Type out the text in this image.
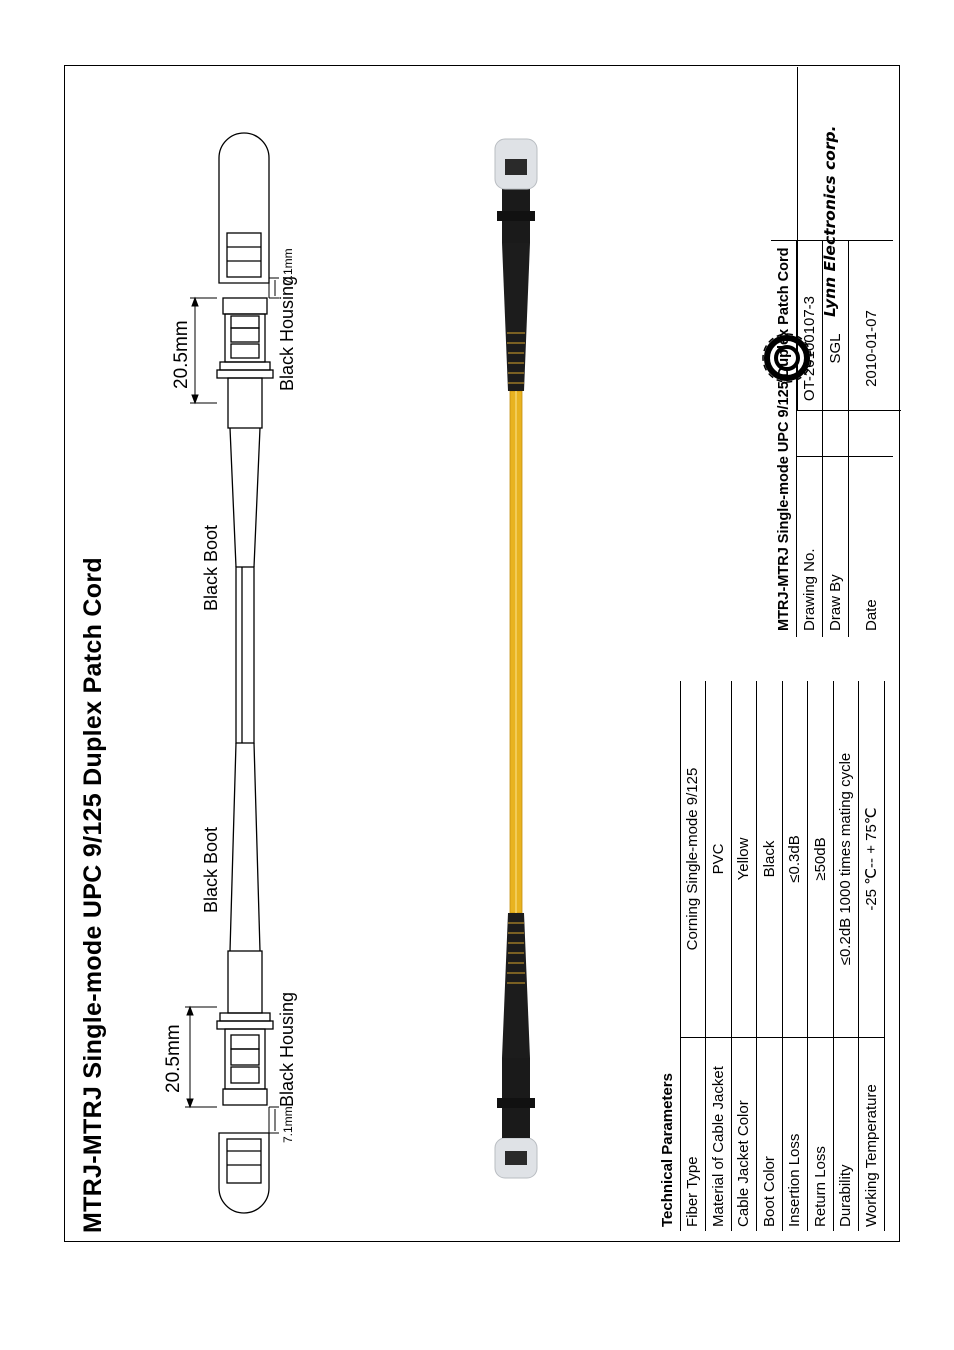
MTRJ-MTRJ Single-mode UPC 9/125 Duplex Patch Cord	Black Boot
Black Boot
Black Housing
Black Housing
20.5mm
20.5mm
7.1mm
7.1mm
Technical Parameters	
Fiber Type	Corning Single-mode 9/125
Material of Cable Jacket	PVC
Cable Jacket Color	Yellow
Boot Color	Black
Insertion Loss	≤0.3dB
Return Loss	≥50dB
Durability	≤0.2dB 1000 times mating cycle
Working Temperature	-25 ℃-- + 75℃
MTRJ-MTRJ Single-mode UPC 9/125 Duplex Patch Cord	
Drawing No.	OT-20100107-3
Draw By	SGL
Date	2010-01-07
Lynn Electronics corp.
